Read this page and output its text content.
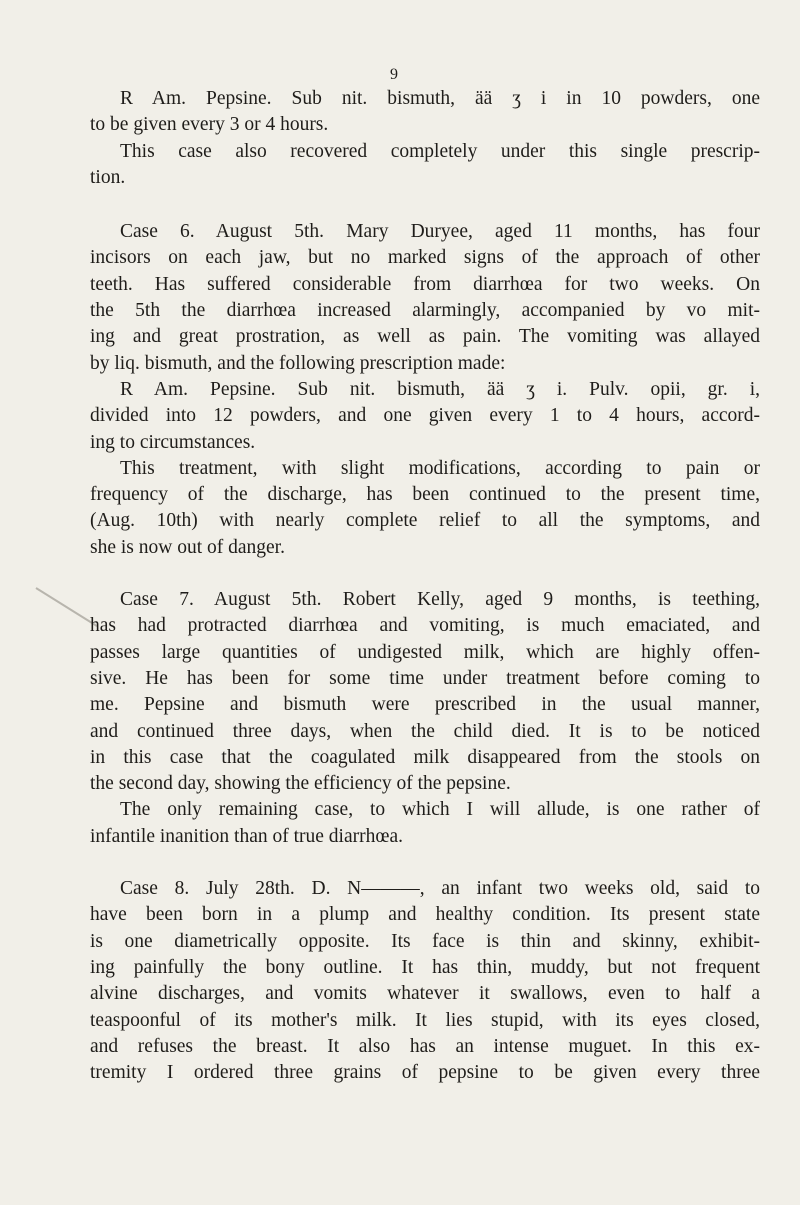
9
R Am. Pepsine. Sub nit. bismuth, ää ʒ i in 10 powders, one
to be given every 3 or 4 hours.
This case also recovered completely under this single prescrip-
tion.
Case 6. August 5th. Mary Duryee, aged 11 months, has four
incisors on each jaw, but no marked signs of the approach of other
teeth. Has suffered considerable from diarrhœa for two weeks. On
the 5th the diarrhœa increased alarmingly, accompanied by vo mit-
ing and great prostration, as well as pain. The vomiting was allayed
by liq. bismuth, and the following prescription made:
R Am. Pepsine. Sub nit. bismuth, ää ʒ i. Pulv. opii, gr. i,
divided into 12 powders, and one given every 1 to 4 hours, accord-
ing to circumstances.
This treatment, with slight modifications, according to pain or
frequency of the discharge, has been continued to the present time,
(Aug. 10th) with nearly complete relief to all the symptoms, and
she is now out of danger.
Case 7. August 5th. Robert Kelly, aged 9 months, is teething,
has had protracted diarrhœa and vomiting, is much emaciated, and
passes large quantities of undigested milk, which are highly offen-
sive. He has been for some time under treatment before coming to
me. Pepsine and bismuth were prescribed in the usual manner,
and continued three days, when the child died. It is to be noticed
in this case that the coagulated milk disappeared from the stools on
the second day, showing the efficiency of the pepsine.
The only remaining case, to which I will allude, is one rather of
infantile inanition than of true diarrhœa.
Case 8. July 28th. D. N———, an infant two weeks old, said to
have been born in a plump and healthy condition. Its present state
is one diametrically opposite. Its face is thin and skinny, exhibit-
ing painfully the bony outline. It has thin, muddy, but not frequent
alvine discharges, and vomits whatever it swallows, even to half a
teaspoonful of its mother's milk. It lies stupid, with its eyes closed,
and refuses the breast. It also has an intense muguet. In this ex-
tremity I ordered three grains of pepsine to be given every three
